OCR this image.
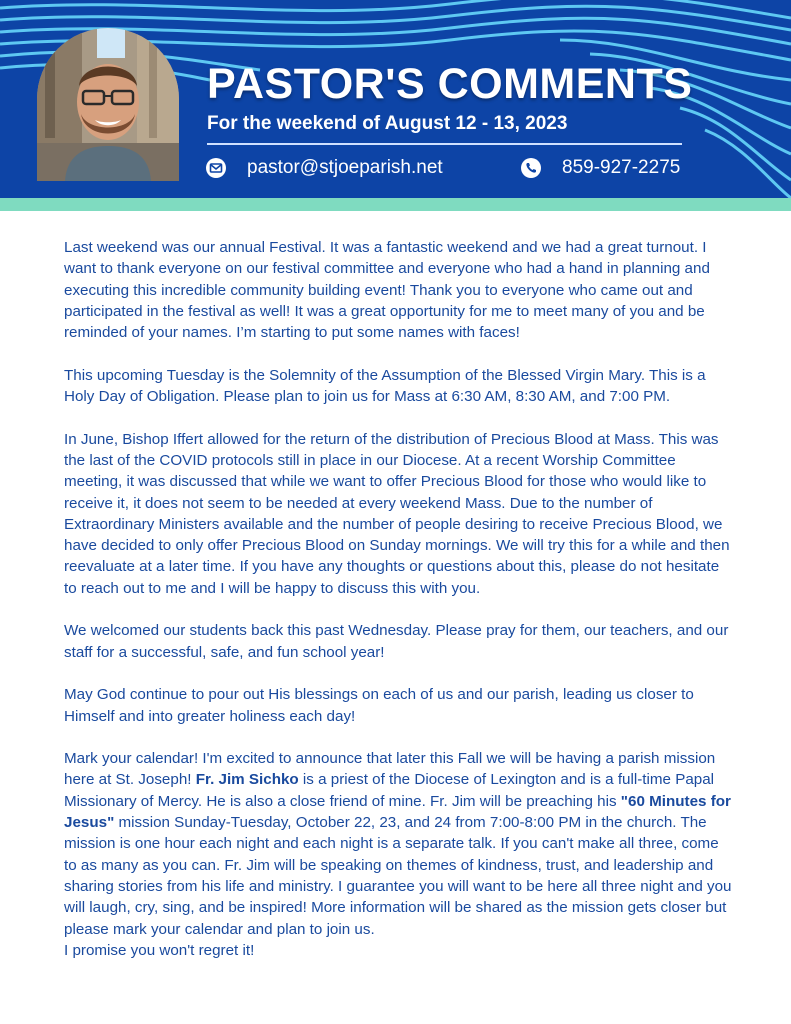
PASTOR'S COMMENTS
For the weekend of August 12 - 13, 2023
pastor@stjoeparish.net	859-927-2275

Last weekend was our annual Festival. It was a fantastic weekend and we had a great turnout. I want to thank everyone on our festival committee and everyone who had a hand in planning and executing this incredible community building event! Thank you to everyone who came out and participated in the festival as well! It was a great opportunity for me to meet many of you and be reminded of your names. I’m starting to put some names with faces!

This upcoming Tuesday is the Solemnity of the Assumption of the Blessed Virgin Mary. This is a Holy Day of Obligation. Please plan to join us for Mass at 6:30 AM, 8:30 AM, and 7:00 PM.

In June, Bishop Iffert allowed for the return of the distribution of Precious Blood at Mass. This was the last of the COVID protocols still in place in our Diocese. At a recent Worship Committee meeting, it was discussed that while we want to offer Precious Blood for those who would like to receive it, it does not seem to be needed at every weekend Mass. Due to the number of Extraordinary Ministers available and the number of people desiring to receive Precious Blood, we have decided to only offer Precious Blood on Sunday mornings. We will try this for a while and then reevaluate at a later time. If you have any thoughts or questions about this, please do not hesitate to reach out to me and I will be happy to discuss this with you.

We welcomed our students back this past Wednesday. Please pray for them, our teachers, and our staff for a successful, safe, and fun school year!

May God continue to pour out His blessings on each of us and our parish, leading us closer to Himself and into greater holiness each day!

Mark your calendar! I'm excited to announce that later this Fall we will be having a parish mission here at St. Joseph! Fr. Jim Sichko is a priest of the Diocese of Lexington and is a full-time Papal Missionary of Mercy. He is also a close friend of mine. Fr. Jim will be preaching his "60 Minutes for Jesus" mission Sunday-Tuesday, October 22, 23, and 24 from 7:00-8:00 PM in the church. The mission is one hour each night and each night is a separate talk. If you can't make all three, come to as many as you can. Fr. Jim will be speaking on themes of kindness, trust, and leadership and sharing stories from his life and ministry. I guarantee you will want to be here all three night and you will laugh, cry, sing, and be inspired! More information will be shared as the mission gets closer but please mark your calendar and plan to join us.
I promise you won't regret it!
